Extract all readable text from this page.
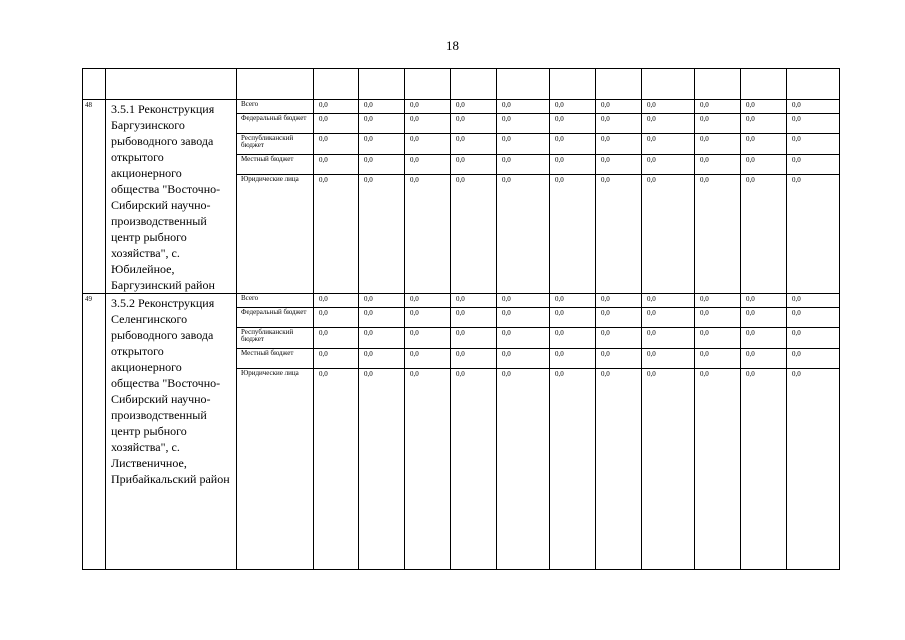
18

48	3.5.1 Реконструкция Баргузинского рыбоводного завода открытого акционерного общества "Восточно-Сибирский научно-производственный центр рыбного хозяйства", с. Юбилейное, Баргузинский район	Всего	0,0	0,0	0,0	0,0	0,0	0,0	0,0	0,0	0,0	0,0	0,0
		Федеральный бюджет	0,0	0,0	0,0	0,0	0,0	0,0	0,0	0,0	0,0	0,0	0,0
		Республиканский бюджет	0,0	0,0	0,0	0,0	0,0	0,0	0,0	0,0	0,0	0,0	0,0
		Местный бюджет	0,0	0,0	0,0	0,0	0,0	0,0	0,0	0,0	0,0	0,0	0,0
		Юридические лица	0,0	0,0	0,0	0,0	0,0	0,0	0,0	0,0	0,0	0,0	0,0
49	3.5.2 Реконструкция Селенгинского рыбоводного завода открытого акционерного общества "Восточно-Сибирский научно-производственный центр рыбного хозяйства", с. Лиственичное, Прибайкальский район	Всего	0,0	0,0	0,0	0,0	0,0	0,0	0,0	0,0	0,0	0,0	0,0
		Федеральный бюджет	0,0	0,0	0,0	0,0	0,0	0,0	0,0	0,0	0,0	0,0	0,0
		Республиканский бюджет	0,0	0,0	0,0	0,0	0,0	0,0	0,0	0,0	0,0	0,0	0,0
		Местный бюджет	0,0	0,0	0,0	0,0	0,0	0,0	0,0	0,0	0,0	0,0	0,0
		Юридические лица	0,0	0,0	0,0	0,0	0,0	0,0	0,0	0,0	0,0	0,0	0,0
